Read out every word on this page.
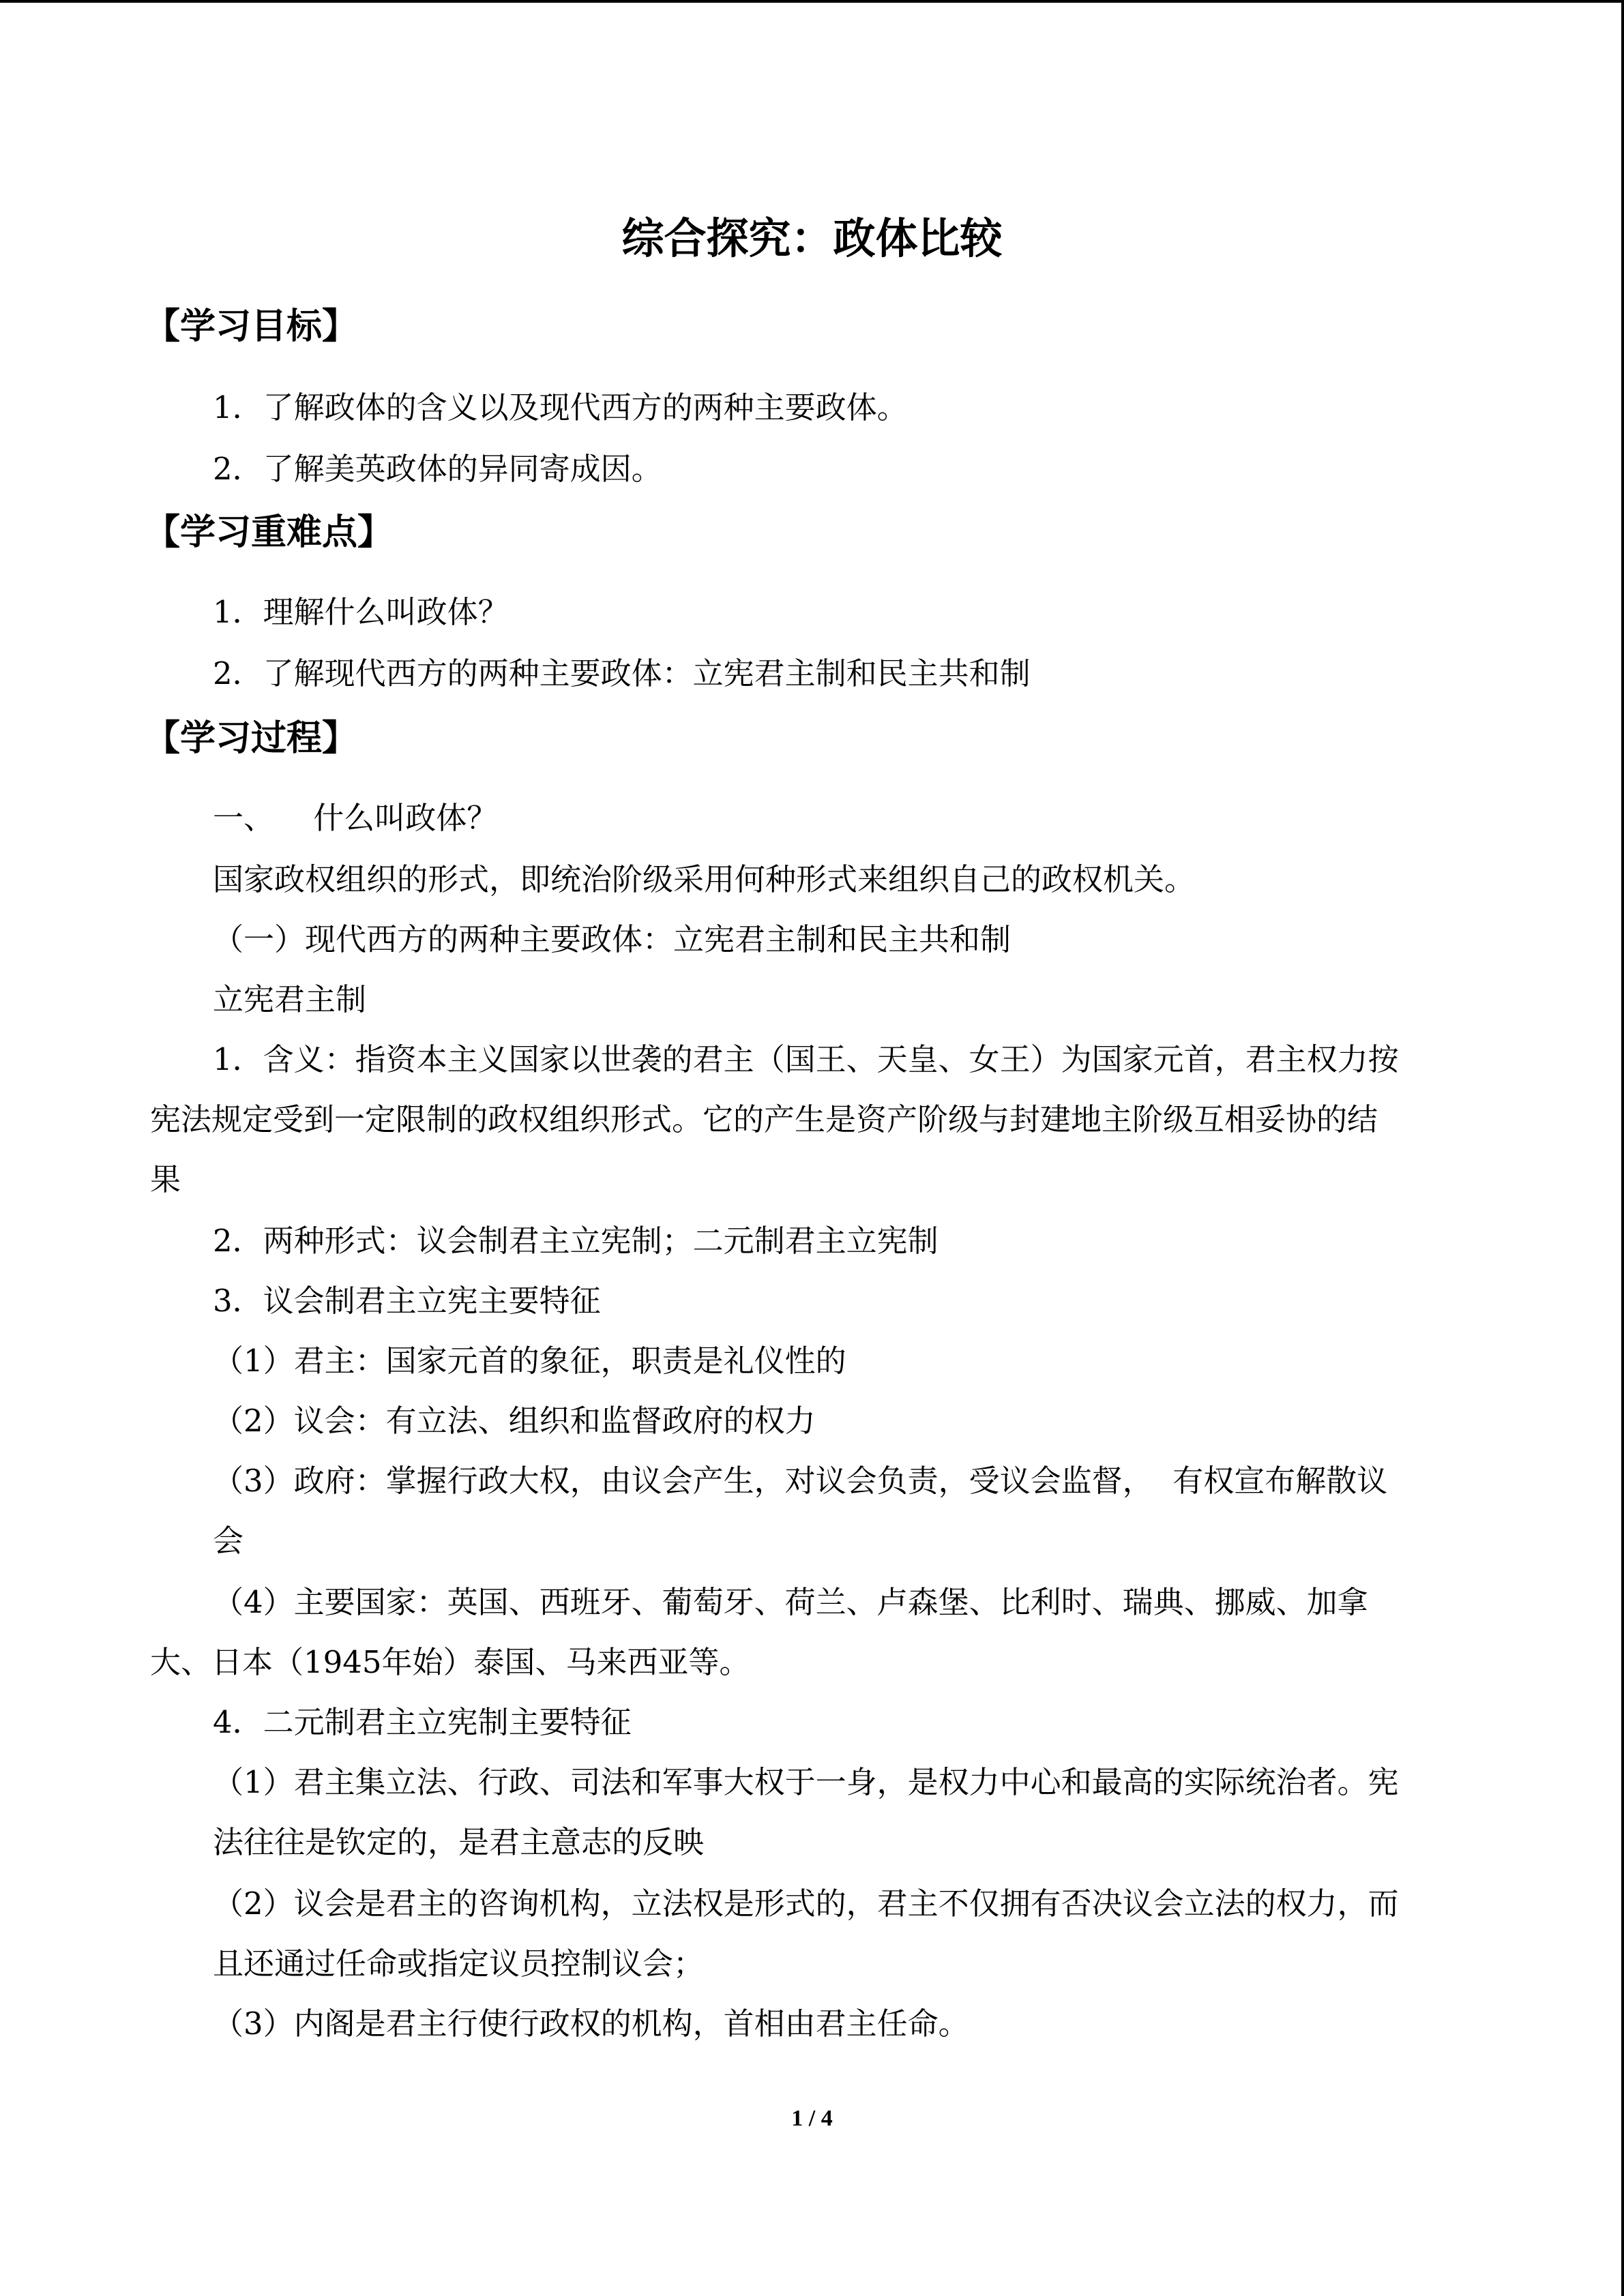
综合探究：政体比较
【学习目标】
1．了解政体的含义以及现代西方的两种主要政体。
2．了解美英政体的异同寄成因。
【学习重难点】
1．理解什么叫政体？
2．了解现代西方的两种主要政体：立宪君主制和民主共和制
【学习过程】
一、    什么叫政体？
国家政权组织的形式，即统治阶级采用何种形式来组织自己的政权机关。
（一）现代西方的两种主要政体：立宪君主制和民主共和制
立宪君主制
1．含义：指资本主义国家以世袭的君主（国王、天皇、女王）为国家元首，君主权力按
宪法规定受到一定限制的政权组织形式。它的产生是资产阶级与封建地主阶级互相妥协的结
果
2．两种形式：议会制君主立宪制；二元制君主立宪制
3．议会制君主立宪主要特征
（1）君主：国家元首的象征，职责是礼仪性的
（2）议会：有立法、组织和监督政府的权力
（3）政府：掌握行政大权，由议会产生，对议会负责，受议会监督，  有权宣布解散议
会
（4）主要国家：英国、西班牙、葡萄牙、荷兰、卢森堡、比利时、瑞典、挪威、加拿
大、日本（1945年始）泰国、马来西亚等。
4．二元制君主立宪制主要特征
（1）君主集立法、行政、司法和军事大权于一身，是权力中心和最高的实际统治者。宪
法往往是钦定的，是君主意志的反映
（2）议会是君主的咨询机构，立法权是形式的，君主不仅拥有否决议会立法的权力，而
且还通过任命或指定议员控制议会；
（3）内阁是君主行使行政权的机构，首相由君主任命。
1 / 4
